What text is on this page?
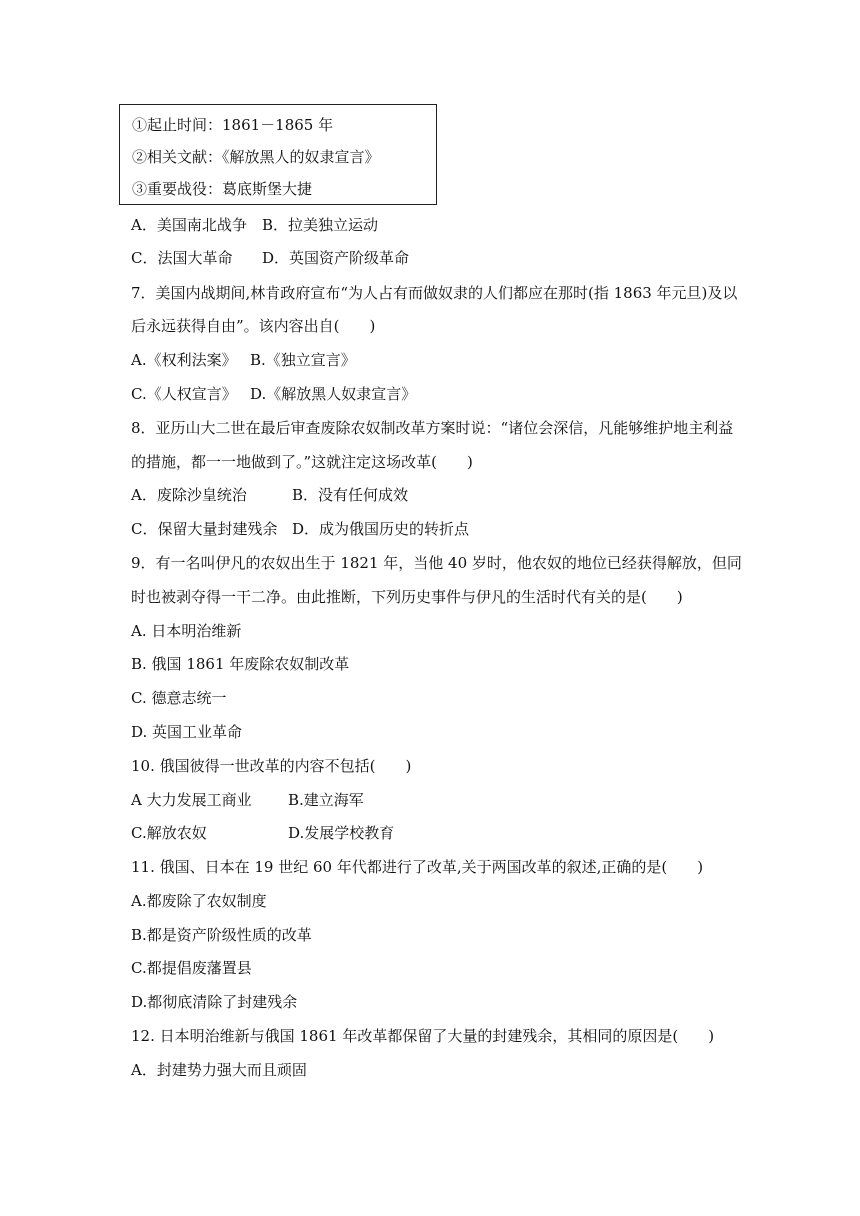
①起止时间：1861－1865 年
②相关文献：《解放黑人的奴隶宣言》
③重要战役：葛底斯堡大捷
A．美国南北战争 B．拉美独立运动
C．法国大革命 D．英国资产阶级革命
7．美国内战期间,林肯政府宣布“为人占有而做奴隶的人们都应在那时(指 1863 年元旦)及以
后永远获得自由”。该内容出自(　　)
A.《权利法案》 B.《独立宣言》
C.《人权宣言》 D.《解放黑人奴隶宣言》
8．亚历山大二世在最后审查废除农奴制改革方案时说：“诸位会深信，凡能够维护地主利益
的措施，都一一地做到了。”这就注定这场改革(　　)
A．废除沙皇统治	B．没有任何成效
C．保留大量封建残余 D．成为俄国历史的转折点
9．有一名叫伊凡的农奴出生于 1821 年，当他 40 岁时，他农奴的地位已经获得解放，但同
时也被剥夺得一干二净。由此推断，下列历史事件与伊凡的生活时代有关的是(　　)
A. 日本明治维新
B. 俄国 1861 年废除农奴制改革
C. 德意志统一
D. 英国工业革命
10. 俄国彼得一世改革的内容不包括(　　)
A 大力发展工商业 B.建立海军
C.解放农奴	D.发展学校教育
11. 俄国、日本在 19 世纪 60 年代都进行了改革,关于两国改革的叙述,正确的是(　　)
A.都废除了农奴制度
B.都是资产阶级性质的改革
C.都提倡废藩置县
D.都彻底清除了封建残余
12. 日本明治维新与俄国 1861 年改革都保留了大量的封建残余，其相同的原因是(　　)
A．封建势力强大而且顽固
